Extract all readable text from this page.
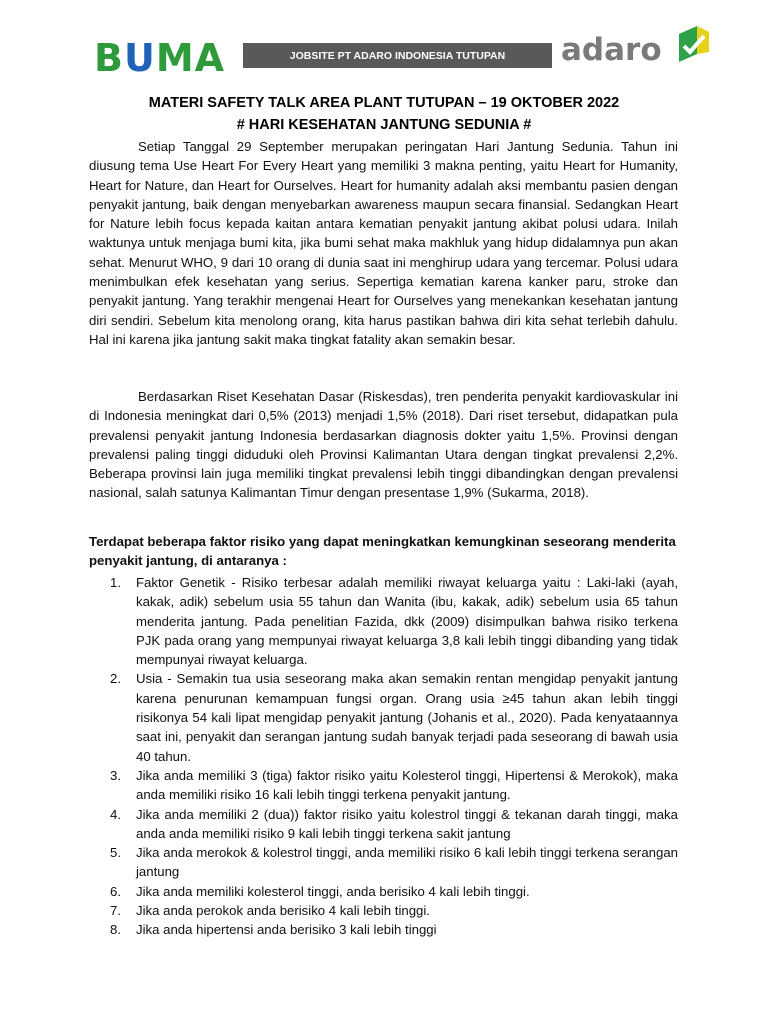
BUMA	JOBSITE PT ADARO INDONESIA TUTUPAN adaro
MATERI SAFETY TALK AREA PLANT TUTUPAN – 19 OKTOBER 2022
# HARI KESEHATAN JANTUNG SEDUNIA #

Setiap Tanggal 29 September merupakan peringatan Hari Jantung Sedunia. Tahun ini diusung tema Use Heart For Every Heart yang memiliki 3 makna penting, yaitu Heart for Humanity, Heart for Nature, dan Heart for Ourselves. Heart for humanity adalah aksi membantu pasien dengan penyakit jantung, baik dengan menyebarkan awareness maupun secara finansial. Sedangkan Heart for Nature lebih focus kepada kaitan antara kematian penyakit jantung akibat polusi udara. Inilah waktunya untuk menjaga bumi kita, jika bumi sehat maka makhluk yang hidup didalamnya pun akan sehat. Menurut WHO, 9 dari 10 orang di dunia saat ini menghirup udara yang tercemar. Polusi udara menimbulkan efek kesehatan yang serius. Sepertiga kematian karena kanker paru, stroke dan penyakit jantung. Yang terakhir mengenai Heart for Ourselves yang menekankan kesehatan jantung diri sendiri. Sebelum kita menolong orang, kita harus pastikan bahwa diri kita sehat terlebih dahulu. Hal ini karena jika jantung sakit maka tingkat fatality akan semakin besar.

Berdasarkan Riset Kesehatan Dasar (Riskesdas), tren penderita penyakit kardiovaskular ini di Indonesia meningkat dari 0,5% (2013) menjadi 1,5% (2018). Dari riset tersebut, didapatkan pula prevalensi penyakit jantung Indonesia berdasarkan diagnosis dokter yaitu 1,5%. Provinsi dengan prevalensi paling tinggi diduduki oleh Provinsi Kalimantan Utara dengan tingkat prevalensi 2,2%. Beberapa provinsi lain juga memiliki tingkat prevalensi lebih tinggi dibandingkan dengan prevalensi nasional, salah satunya Kalimantan Timur dengan presentase 1,9% (Sukarma, 2018).

Terdapat beberapa faktor risiko yang dapat meningkatkan kemungkinan seseorang menderita penyakit jantung, di antaranya :

1. Faktor Genetik - Risiko terbesar adalah memiliki riwayat keluarga yaitu : Laki-laki (ayah, kakak, adik) sebelum usia 55 tahun dan Wanita (ibu, kakak, adik) sebelum usia 65 tahun menderita jantung. Pada penelitian Fazida, dkk (2009) disimpulkan bahwa risiko terkena PJK pada orang yang mempunyai riwayat keluarga 3,8 kali lebih tinggi dibanding yang tidak mempunyai riwayat keluarga.
2. Usia - Semakin tua usia seseorang maka akan semakin rentan mengidap penyakit jantung karena penurunan kemampuan fungsi organ. Orang usia ≥45 tahun akan lebih tinggi risikonya 54 kali lipat mengidap penyakit jantung (Johanis et al., 2020). Pada kenyataannya saat ini, penyakit dan serangan jantung sudah banyak terjadi pada seseorang di bawah usia 40 tahun.
3. Jika anda memiliki 3 (tiga) faktor risiko yaitu Kolesterol tinggi, Hipertensi & Merokok), maka anda memiliki risiko 16 kali lebih tinggi terkena penyakit jantung.
4. Jika anda memiliki 2 (dua)) faktor risiko yaitu kolestrol tinggi & tekanan darah tinggi, maka anda anda memiliki risiko 9 kali lebih tinggi terkena sakit jantung
5. Jika anda merokok & kolestrol tinggi, anda memiliki risiko 6 kali lebih tinggi terkena serangan jantung
6. Jika anda memiliki kolesterol tinggi, anda berisiko 4 kali lebih tinggi.
7. Jika anda perokok anda berisiko 4 kali lebih tinggi.
8. Jika anda hipertensi anda berisiko 3 kali lebih tinggi
